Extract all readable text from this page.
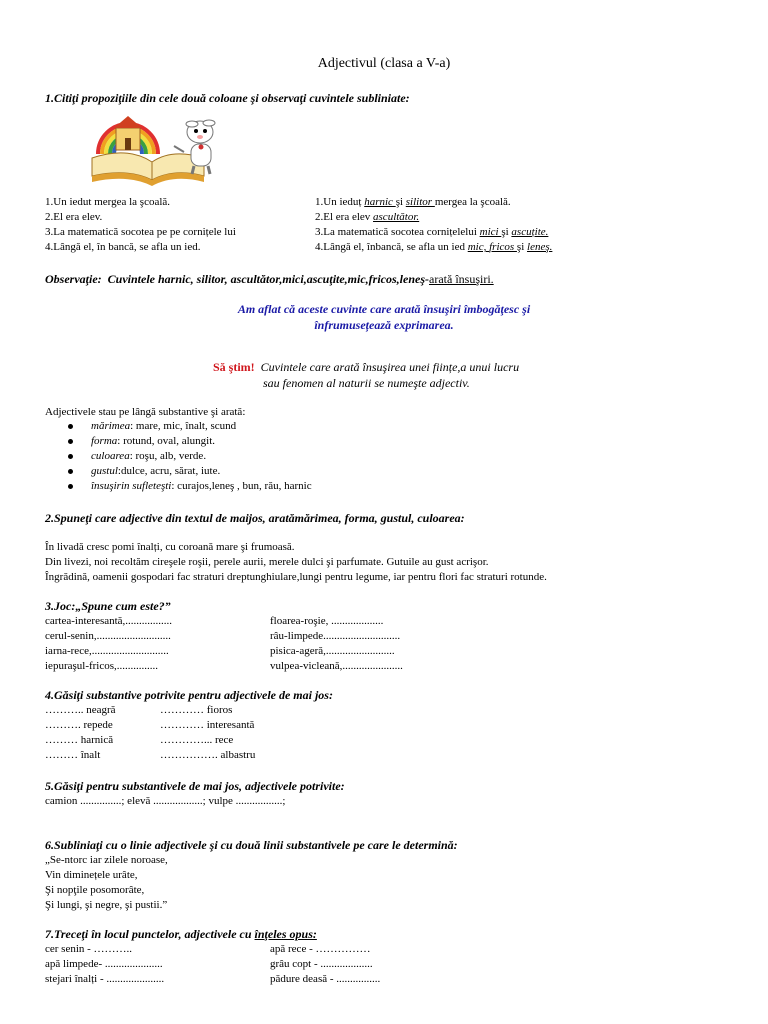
Adjectivul (clasa a V-a)
1.Citiţi propoziţiile din cele două coloane şi observaţi cuvintele subliniate:
1.Un iedut mergea la şcoală.
2.El era elev.
3.La matematică socotea pe pe cornițele lui
4.Lângă el, în bancă, se afla un ied.
1.Un ieduț harnic şi silitor mergea la şcoală.
2.El era elev ascultător.
3.La matematică socotea cornițelelui mici şi ascuțite.
4.Lângă el, înbancă, se afla un ied mic, fricos şi leneş.
Observaţie: Cuvintele harnic, silitor, ascultător,mici,ascuţite,mic,fricos,leneş-arată însuşiri.
Am aflat că aceste cuvinte care arată însuşiri îmbogăţesc şi
înfrumusețează exprimarea.
Să ştim! Cuvintele care arată însuşirea unei ființe,a unui lucru
sau fenomen al naturii se numeşte adjectiv.
Adjectivele stau pe lângă substantive şi arată:
mărimea: mare, mic, înalt, scund
forma: rotund, oval, alungit.
culoarea: roşu, alb, verde.
gustul:dulce, acru, sărat, iute.
însuşirin sufleteşti: curajos,leneş , bun, rău, harnic
2.Spuneţi care adjective din textul de maijos, aratămărimea, forma, gustul, culoarea:
În livadă cresc pomi înalți, cu coroană mare şi frumoasă.
Din livezi, noi recoltăm cireşele roşii, perele aurii, merele dulci şi parfumate. Gutuile au gust acrişor.
Îngrădină, oamenii gospodari fac straturi dreptunghiulare,lungi pentru legume, iar pentru flori fac straturi rotunde.
3.Joc:„Spune cum este?”
cartea-interesantă,.................
cerul-senin,...........................
iarna-rece,............................
iepuraşul-fricos,...............
floarea-roşie, ...................
râu-limpede............................
pisica-ageră,.........................
vulpea-vicleană,......................
4.Găsiţi substantive potrivite pentru adjectivele de mai jos:
……….. neagră
………. repede
……… harnică
……… înalt
………… fioros
………… interesantă
…………... rece
……………. albastru
5.Găsiţi pentru substantivele de mai jos, adjectivele potrivite:
camion ...............; elevă ..................; vulpe .................;
6.Subliniaţi cu o linie adjectivele şi cu două linii substantivele pe care le determină:
„Se-ntorc iar zilele noroase,
Vin diminețele urâte,
Şi nopţile posomorâte,
Şi lungi, şi negre, şi pustii.”
7.Treceţi în locul punctelor, adjectivele cu înţeles opus:
cer senin - ………..
apă limpede- .....................
stejari înalți - .....................
apă rece - ……………
grâu copt - ...................
pădure deasă - ................
